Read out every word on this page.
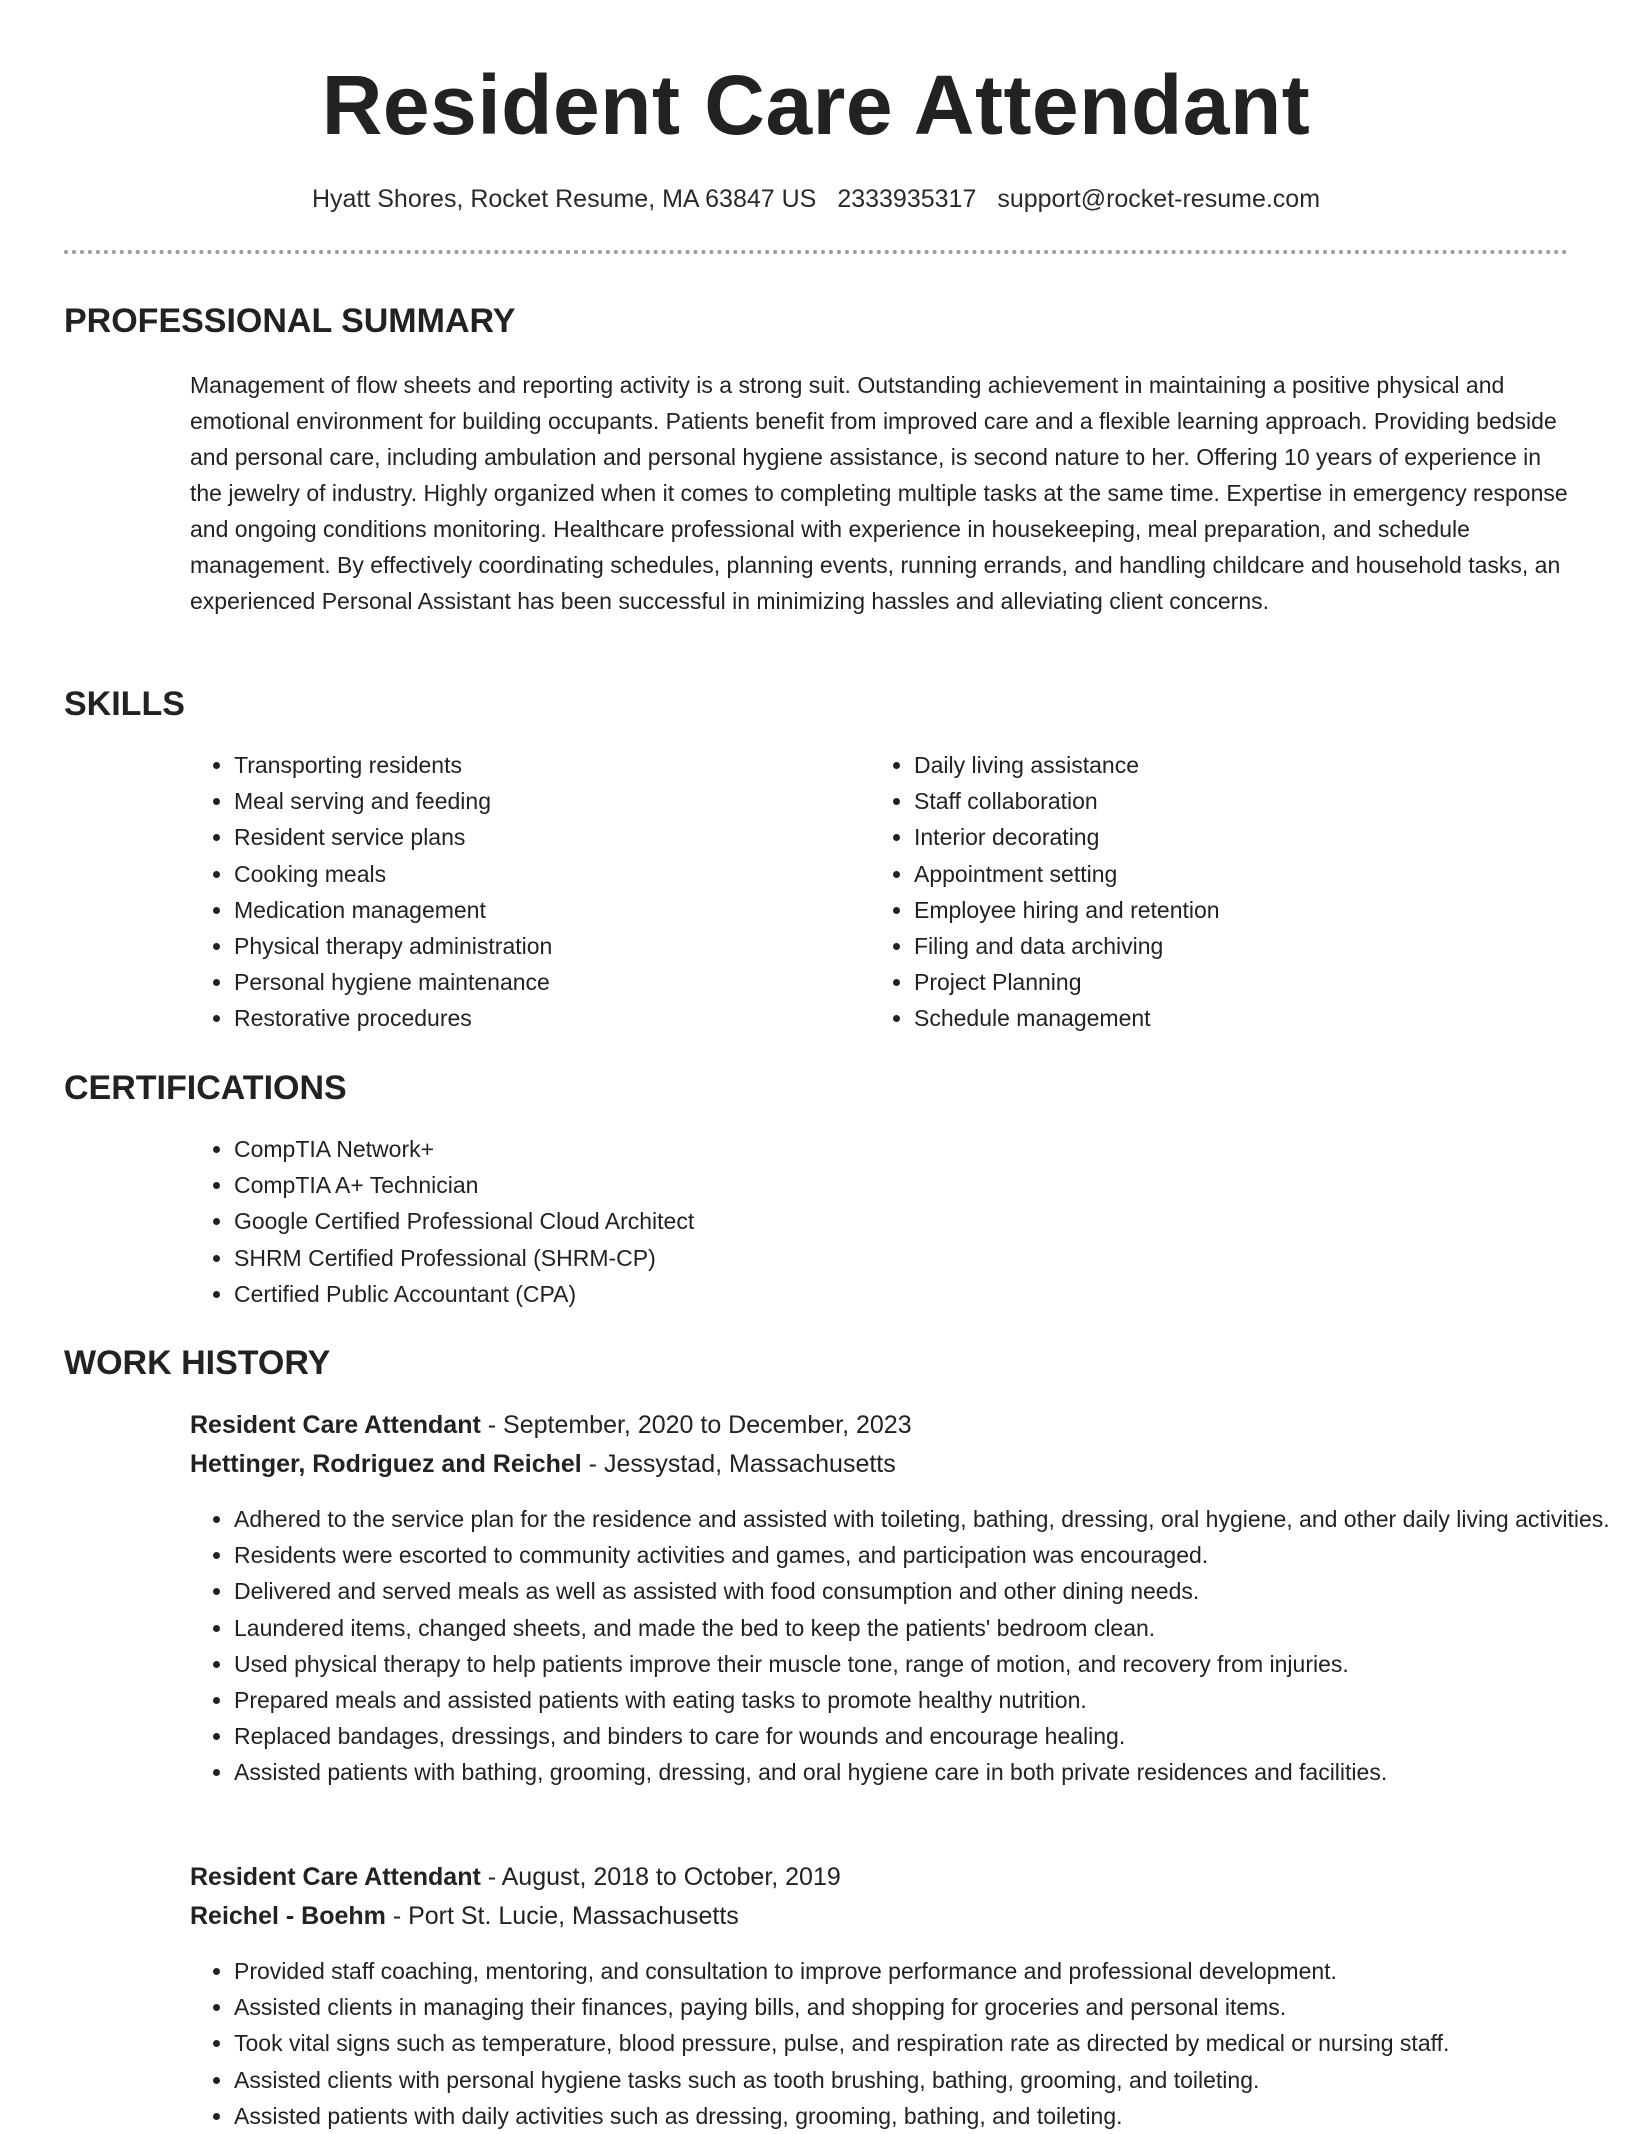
Resident Care Attendant
Hyatt Shores, Rocket Resume, MA 63847 US 2333935317 support@rocket-resume.com
PROFESSIONAL SUMMARY
Management of flow sheets and reporting activity is a strong suit. Outstanding achievement in maintaining a positive physical and emotional environment for building occupants. Patients benefit from improved care and a flexible learning approach. Providing bedside and personal care, including ambulation and personal hygiene assistance, is second nature to her. Offering 10 years of experience in the jewelry of industry. Highly organized when it comes to completing multiple tasks at the same time. Expertise in emergency response and ongoing conditions monitoring. Healthcare professional with experience in housekeeping, meal preparation, and schedule management. By effectively coordinating schedules, planning events, running errands, and handling childcare and household tasks, an experienced Personal Assistant has been successful in minimizing hassles and alleviating client concerns.
SKILLS
• Transporting residents
• Meal serving and feeding
• Resident service plans
• Cooking meals
• Medication management
• Physical therapy administration
• Personal hygiene maintenance
• Restorative procedures
• Daily living assistance
• Staff collaboration
• Interior decorating
• Appointment setting
• Employee hiring and retention
• Filing and data archiving
• Project Planning
• Schedule management
CERTIFICATIONS
• CompTIA Network+
• CompTIA A+ Technician
• Google Certified Professional Cloud Architect
• SHRM Certified Professional (SHRM-CP)
• Certified Public Accountant (CPA)
WORK HISTORY
Resident Care Attendant - September, 2020 to December, 2023
Hettinger, Rodriguez and Reichel - Jessystad, Massachusetts
• Adhered to the service plan for the residence and assisted with toileting, bathing, dressing, oral hygiene, and other daily living activities.
• Residents were escorted to community activities and games, and participation was encouraged.
• Delivered and served meals as well as assisted with food consumption and other dining needs.
• Laundered items, changed sheets, and made the bed to keep the patients' bedroom clean.
• Used physical therapy to help patients improve their muscle tone, range of motion, and recovery from injuries.
• Prepared meals and assisted patients with eating tasks to promote healthy nutrition.
• Replaced bandages, dressings, and binders to care for wounds and encourage healing.
• Assisted patients with bathing, grooming, dressing, and oral hygiene care in both private residences and facilities.
Resident Care Attendant - August, 2018 to October, 2019
Reichel - Boehm - Port St. Lucie, Massachusetts
• Provided staff coaching, mentoring, and consultation to improve performance and professional development.
• Assisted clients in managing their finances, paying bills, and shopping for groceries and personal items.
• Took vital signs such as temperature, blood pressure, pulse, and respiration rate as directed by medical or nursing staff.
• Assisted clients with personal hygiene tasks such as tooth brushing, bathing, grooming, and toileting.
• Assisted patients with daily activities such as dressing, grooming, bathing, and toileting.
